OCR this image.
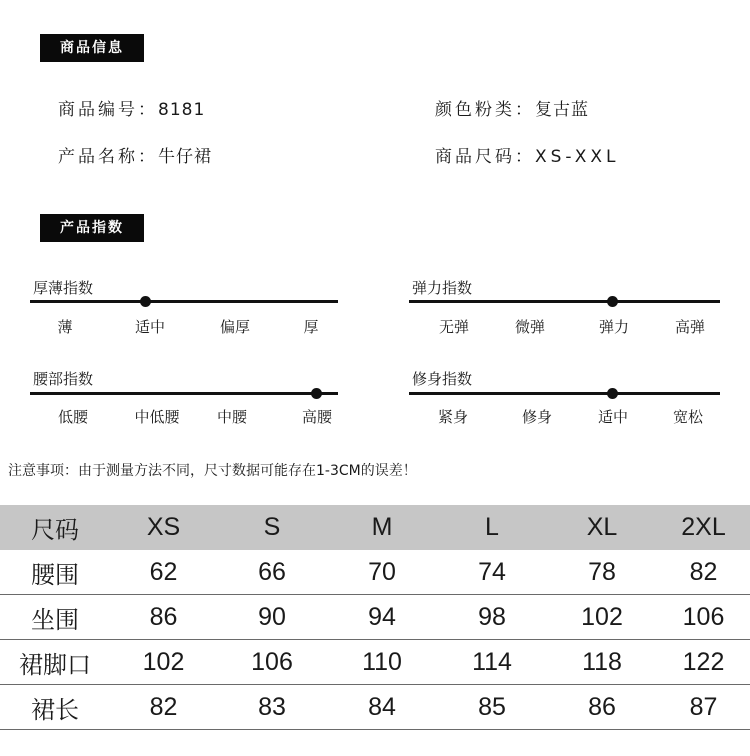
商品信息
商品编号：8181	颜色粉类：复古蓝
产品名称：牛仔裙	商品尺码：XS-XXL
产品指数
厚薄指数
薄	适中	偏厚	厚
弹力指数
无弹	微弹	弹力	高弹
腰部指数
低腰	中低腰 中腰	高腰
修身指数
紧身	修身	适中	宽松
注意事项：由于测量方法不同，尺寸数据可能存在1-3CM的误差！
尺码	XS	S	M	L	XL	2XL
腰围	62	66	70	74	78	82
坐围	86	90	94	98	102	106
裙脚口	102	106	110	114	118	122
裙长	82	83	84	85	86	87
